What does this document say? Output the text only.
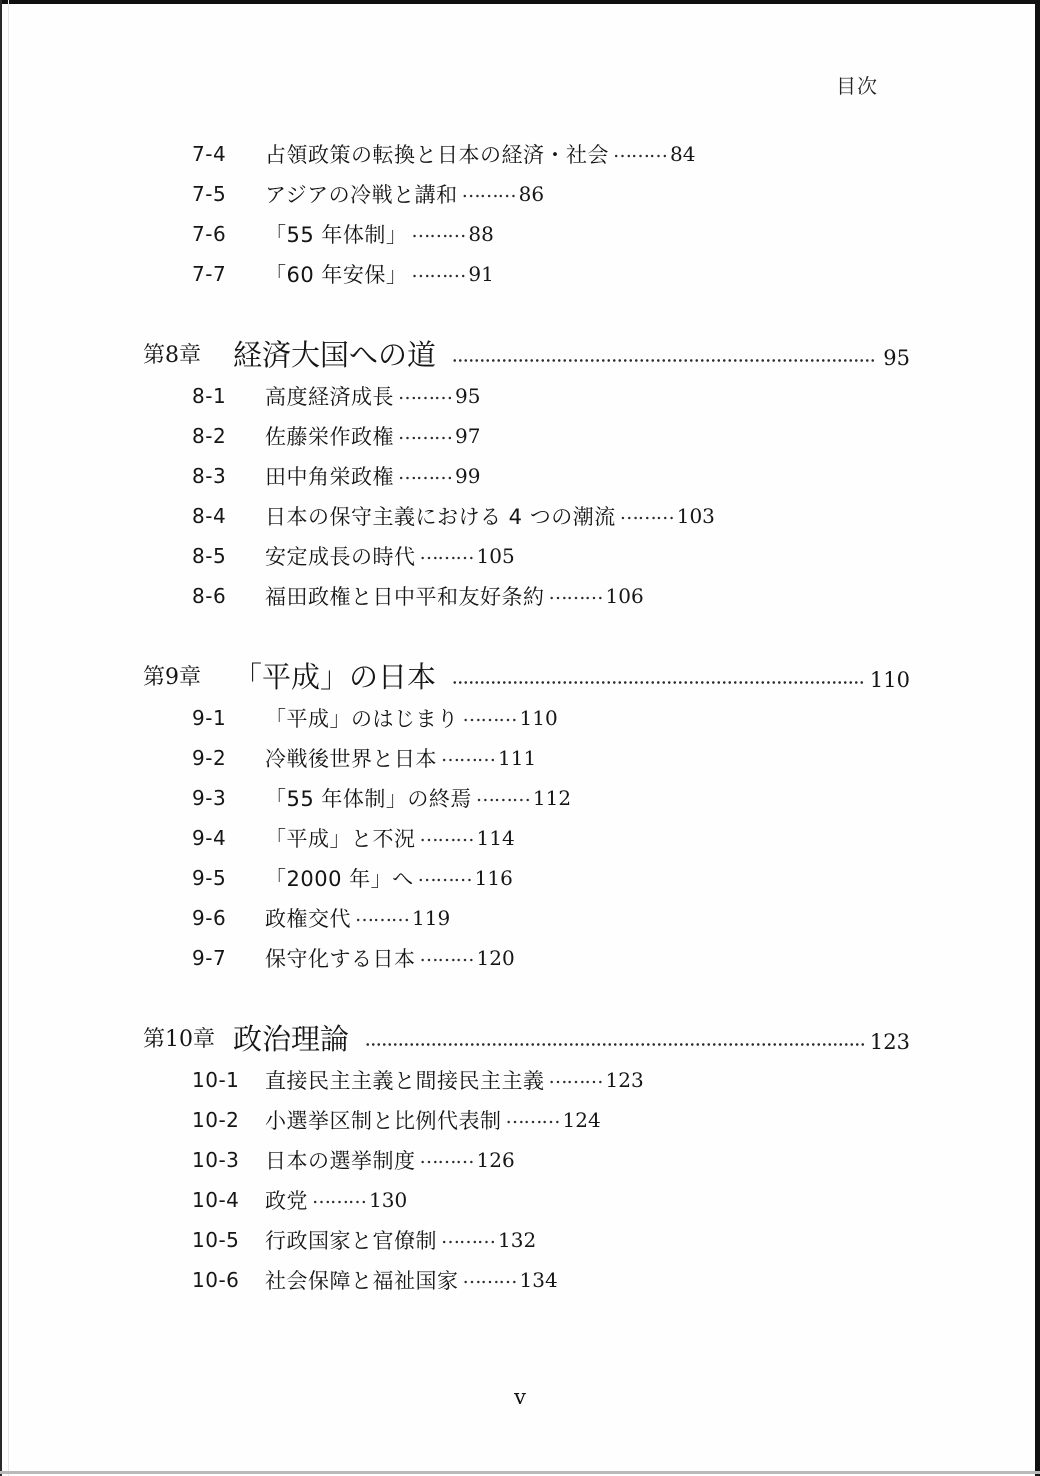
目次
7-4	占領政策の転換と日本の経済・社会 ……… 84
7-5	アジアの冷戦と講和 ……… 86
7-6	「55 年体制」 ……… 88
7-7	「60 年安保」 ……… 91
第8章	経済大国への道	95
8-1	高度経済成長 ……… 95
8-2	佐藤栄作政権 ……… 97
8-3	田中角栄政権 ……… 99
8-4	日本の保守主義における 4 つの潮流 ……… 103
8-5	安定成長の時代 ……… 105
8-6	福田政権と日中平和友好条約 ……… 106
第9章	「平成」の日本	110
9-1	「平成」のはじまり ……… 110
9-2	冷戦後世界と日本 ……… 111
9-3	「55 年体制」の終焉 ……… 112
9-4	「平成」と不況 ……… 114
9-5	「2000 年」へ ……… 116
9-6	政権交代 ……… 119
9-7	保守化する日本 ……… 120
第10章 政治理論	123
10-1	直接民主主義と間接民主主義 ……… 123
10-2	小選挙区制と比例代表制 ……… 124
10-3	日本の選挙制度 ……… 126
10-4	政党 ……… 130
10-5	行政国家と官僚制 ……… 132
10-6	社会保障と福祉国家 ……… 134
v
